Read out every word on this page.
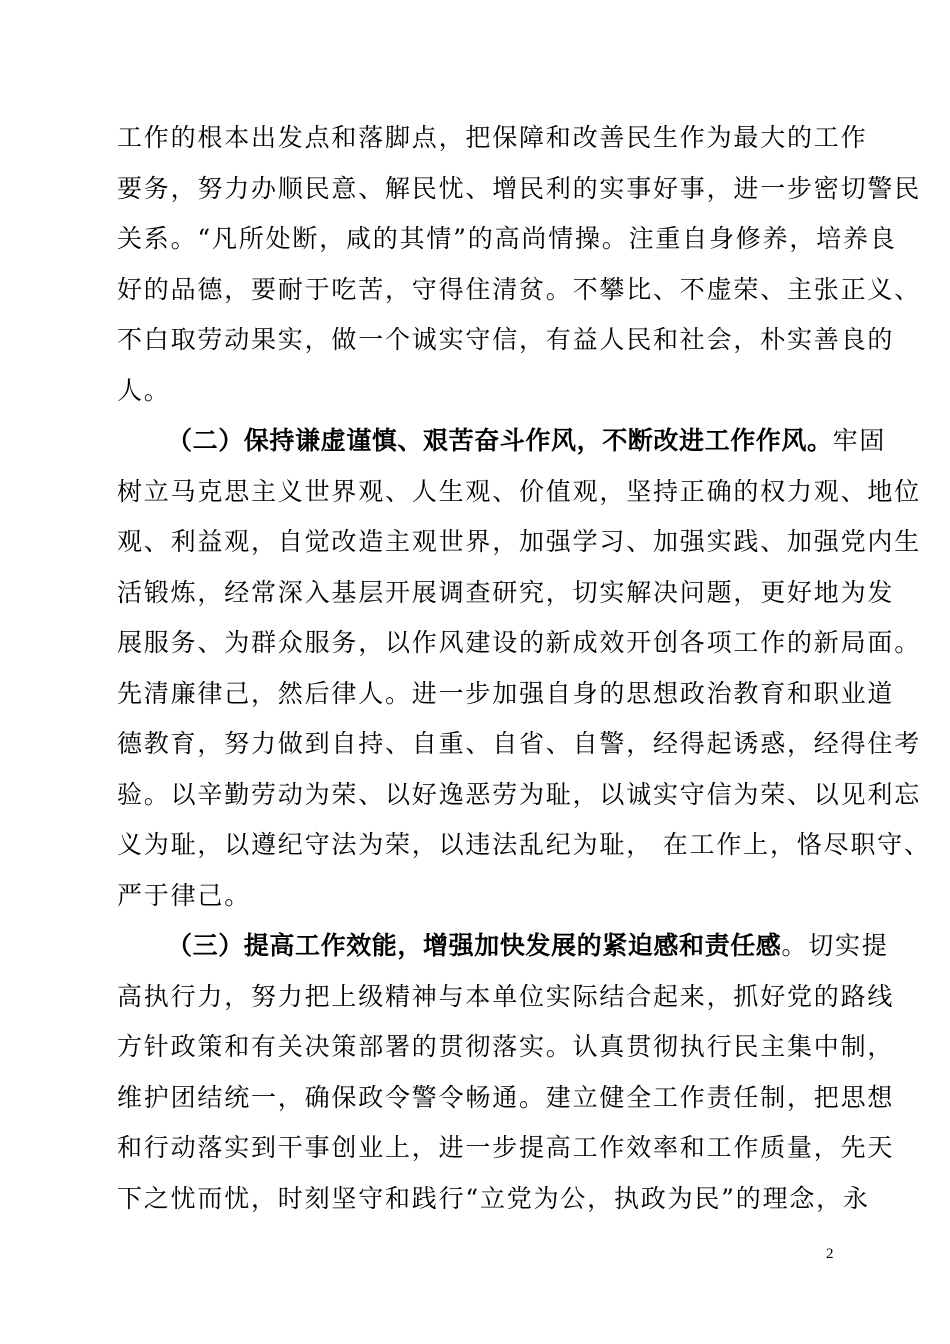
工作的根本出发点和落脚点，把保障和改善民生作为最大的工作
要务，努力办顺民意、解民忧、增民利的实事好事，进一步密切警民
关系。“凡所处断，咸的其情”的高尚情操。注重自身修养，培养良
好的品德，要耐于吃苦，守得住清贫。不攀比、不虚荣、主张正义、
不白取劳动果实，做一个诚实守信，有益人民和社会，朴实善良的
人。
（二）保持谦虚谨慎、艰苦奋斗作风，不断改进工作作风。牢固
树立马克思主义世界观、人生观、价值观，坚持正确的权力观、地位
观、利益观，自觉改造主观世界，加强学习、加强实践、加强党内生
活锻炼，经常深入基层开展调查研究，切实解决问题，更好地为发
展服务、为群众服务，以作风建设的新成效开创各项工作的新局面。
先清廉律己，然后律人。进一步加强自身的思想政治教育和职业道
德教育，努力做到自持、自重、自省、自警，经得起诱惑，经得住考
验。以辛勤劳动为荣、以好逸恶劳为耻，以诚实守信为荣、以见利忘
义为耻，以遵纪守法为荣，以违法乱纪为耻， 在工作上，恪尽职守、
严于律己。
（三）提高工作效能，增强加快发展的紧迫感和责任感。切实提
高执行力，努力把上级精神与本单位实际结合起来，抓好党的路线
方针政策和有关决策部署的贯彻落实。认真贯彻执行民主集中制，
维护团结统一，确保政令警令畅通。建立健全工作责任制，把思想
和行动落实到干事创业上，进一步提高工作效率和工作质量，先天
下之忧而忧，时刻坚守和践行“立党为公，执政为民”的理念，永
2
